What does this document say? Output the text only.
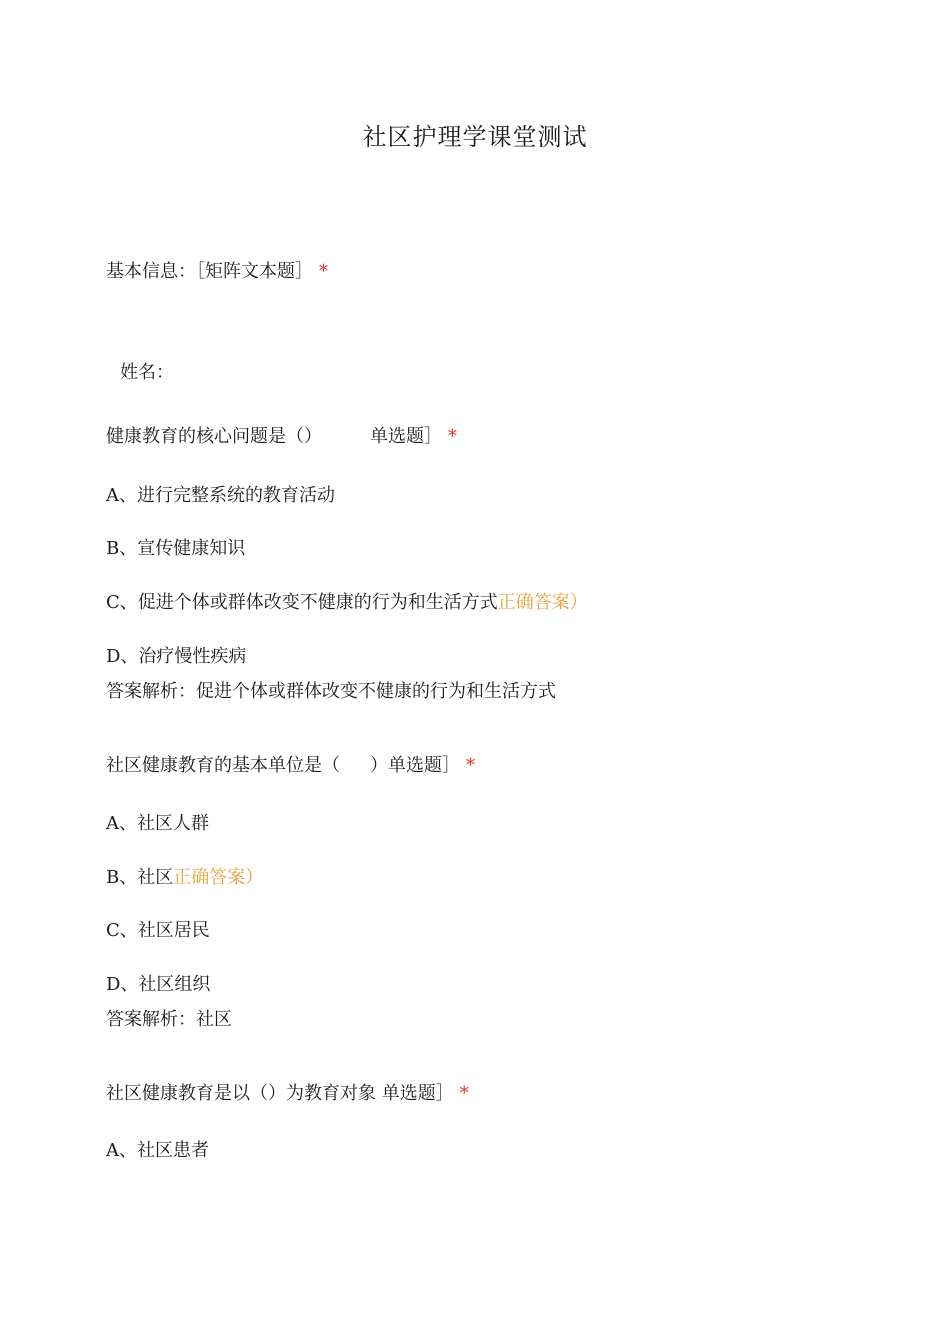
社区护理学课堂测试
基本信息：［矩阵文本题］ *
姓名：
健康教育的核心问题是（）	单选题］ *
A、进行完整系统的教育活动
B、宣传健康知识
C、促进个体或群体改变不健康的行为和生活方式正确答案）
D、治疗慢性疾病
答案解析：促进个体或群体改变不健康的行为和生活方式
社区健康教育的基本单位是（ ）单选题］ *
A、社区人群
B、社区正确答案）
C、社区居民
D、社区组织
答案解析：社区
社区健康教育是以（）为教育对象 单选题］ *
A、社区患者
